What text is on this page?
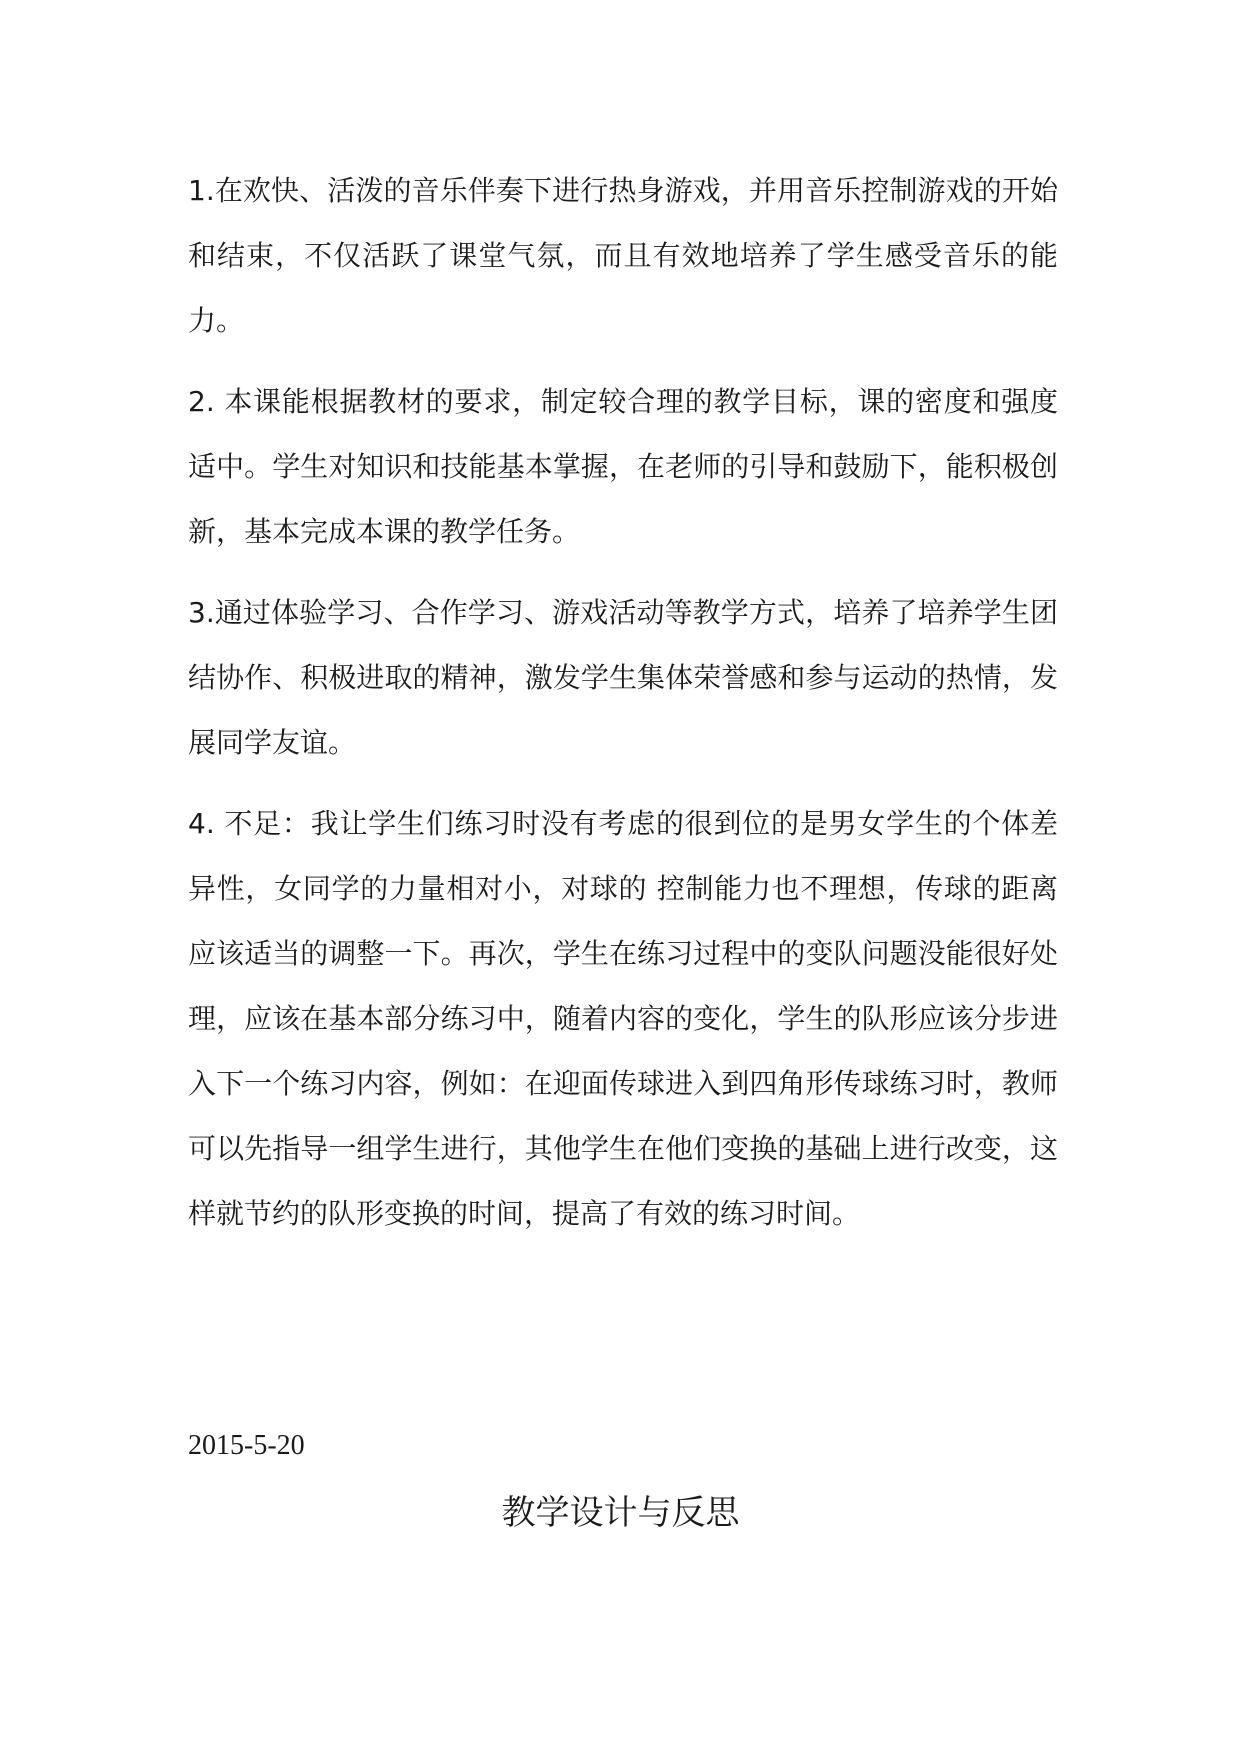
1.在欢快、活泼的音乐伴奏下进行热身游戏，并用音乐控制游戏的开始和结束，不仅活跃了课堂气氛，而且有效地培养了学生感受音乐的能力。

2. 本课能根据教材的要求，制定较合理的教学目标，课的密度和强度适中。学生对知识和技能基本掌握，在老师的引导和鼓励下，能积极创新，基本完成本课的教学任务。

3.通过体验学习、合作学习、游戏活动等教学方式，培养了培养学生团结协作、积极进取的精神，激发学生集体荣誉感和参与运动的热情，发展同学友谊。

4. 不足：我让学生们练习时没有考虑的很到位的是男女学生的个体差异性，女同学的力量相对小，对球的 控制能力也不理想，传球的距离应该适当的调整一下。再次，学生在练习过程中的变队问题没能很好处理，应该在基本部分练习中，随着内容的变化，学生的队形应该分步进入下一个练习内容，例如：在迎面传球进入到四角形传球练习时，教师可以先指导一组学生进行，其他学生在他们变换的基础上进行改变，这样就节约的队形变换的时间，提高了有效的练习时间。

2015-5-20
教学设计与反思
